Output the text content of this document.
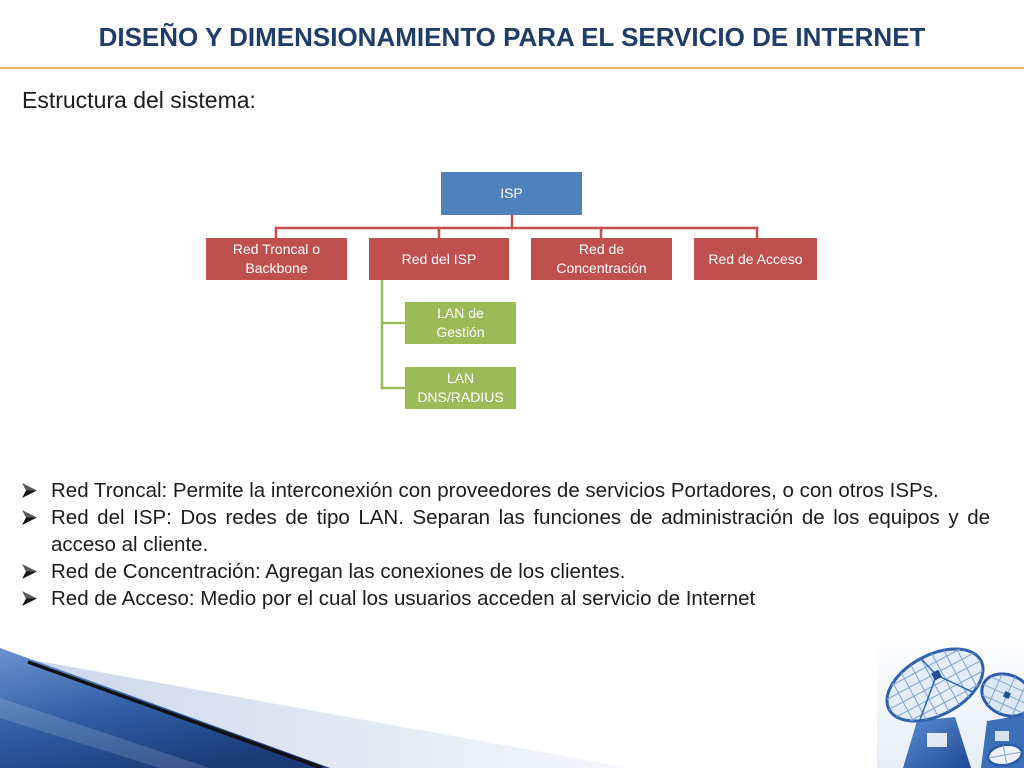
DISEÑO Y DIMENSIONAMIENTO PARA EL SERVICIO DE INTERNET
Estructura del sistema:
ISP
Red Troncal o Backbone
Red del ISP
Red de Concentración
Red de Acceso
LAN de Gestión
LAN DNS/RADIUS
Red Troncal: Permite la interconexión con proveedores de servicios Portadores, o con otros ISPs.
Red del ISP: Dos redes de tipo LAN. Separan las funciones de administración de los equipos y de acceso al cliente.
Red de Concentración: Agregan las conexiones de los clientes.
Red de Acceso: Medio por el cual los usuarios acceden al servicio de Internet
